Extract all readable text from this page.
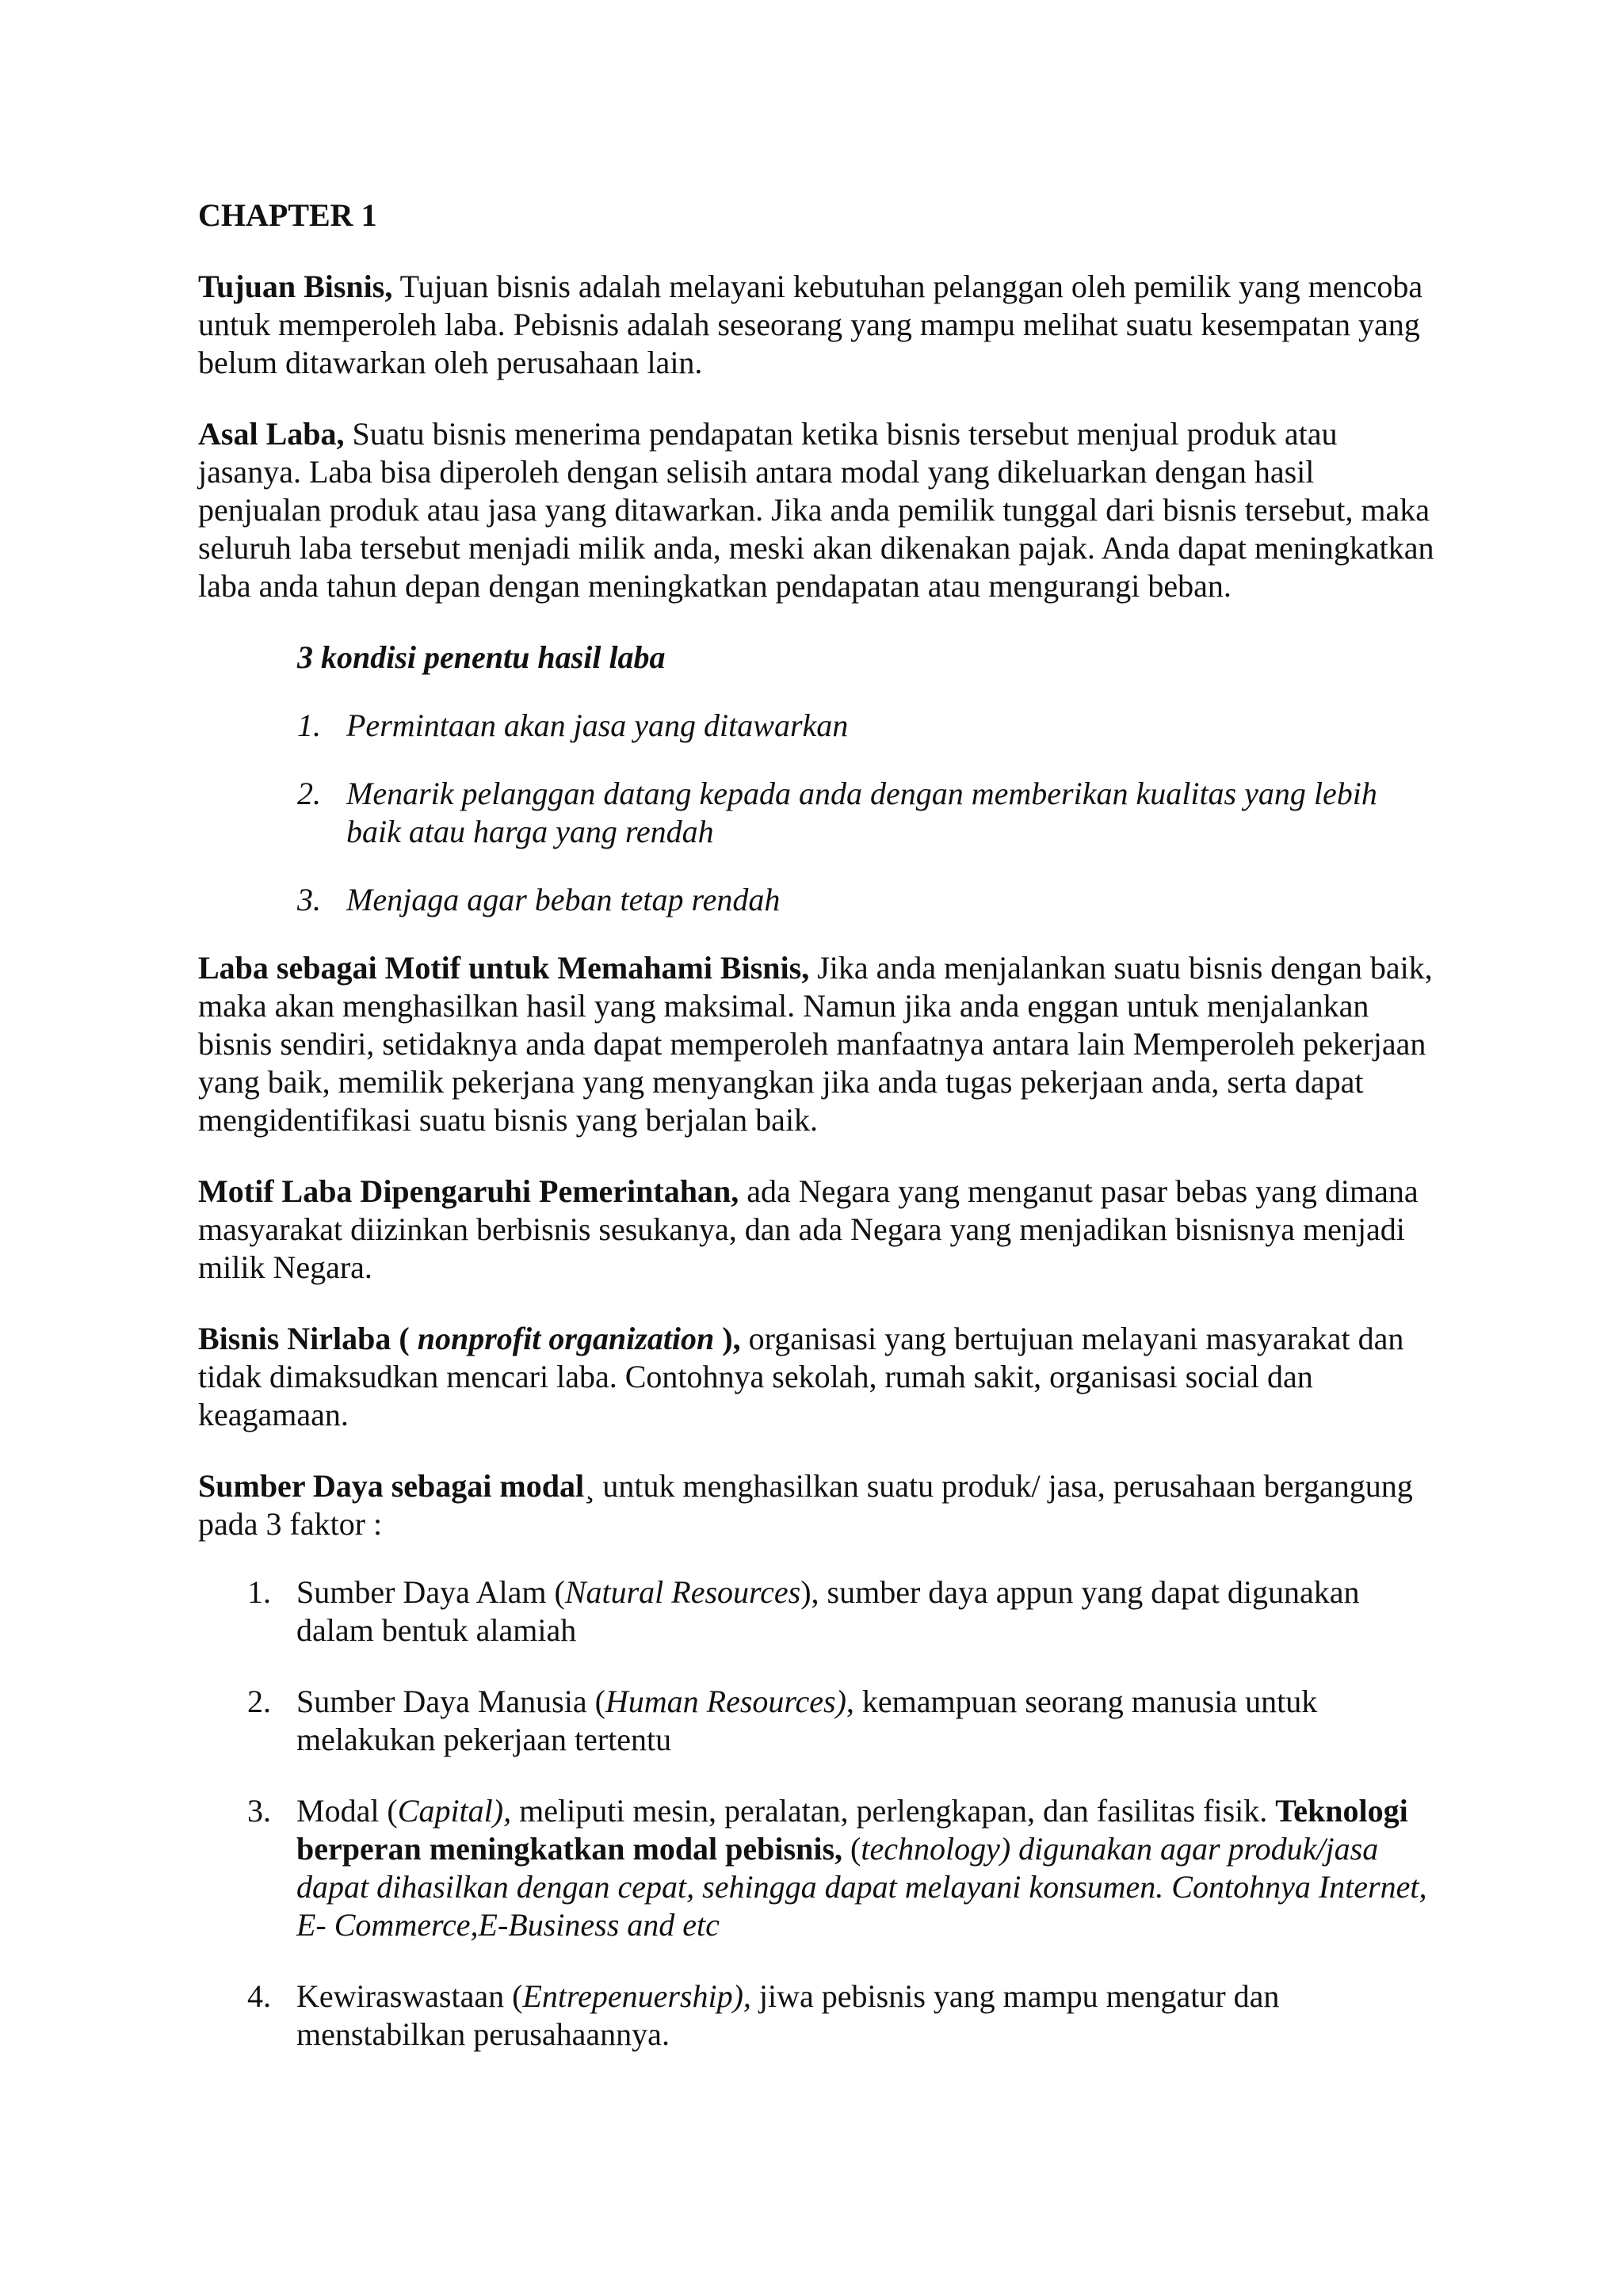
CHAPTER 1

Tujuan Bisnis, Tujuan bisnis adalah melayani kebutuhan pelanggan oleh pemilik yang mencoba untuk memperoleh laba. Pebisnis adalah seseorang yang mampu melihat suatu kesempatan yang belum ditawarkan oleh perusahaan lain.

Asal Laba, Suatu bisnis menerima pendapatan ketika bisnis tersebut menjual produk atau jasanya. Laba bisa diperoleh dengan selisih antara modal yang dikeluarkan dengan hasil penjualan produk atau jasa yang ditawarkan. Jika anda pemilik tunggal dari bisnis tersebut, maka seluruh laba tersebut menjadi milik anda, meski akan dikenakan pajak. Anda dapat meningkatkan laba anda tahun depan dengan meningkatkan pendapatan atau mengurangi beban.

3 kondisi penentu hasil laba
1. Permintaan akan jasa yang ditawarkan
2. Menarik pelanggan datang kepada anda dengan memberikan kualitas yang lebih baik atau harga yang rendah
3. Menjaga agar beban tetap rendah

Laba sebagai Motif untuk Memahami Bisnis, Jika anda menjalankan suatu bisnis dengan baik, maka akan menghasilkan hasil yang maksimal. Namun jika anda enggan untuk menjalankan bisnis sendiri, setidaknya anda dapat memperoleh manfaatnya antara lain Memperoleh pekerjaan yang baik, memilik pekerjana yang menyangkan jika anda tugas pekerjaan anda, serta dapat mengidentifikasi suatu bisnis yang berjalan baik.

Motif Laba Dipengaruhi Pemerintahan, ada Negara yang menganut pasar bebas yang dimana masyarakat diizinkan berbisnis sesukanya, dan ada Negara yang menjadikan bisnisnya menjadi milik Negara.

Bisnis Nirlaba ( nonprofit organization ), organisasi yang bertujuan melayani masyarakat dan tidak dimaksudkan mencari laba. Contohnya sekolah, rumah sakit, organisasi social dan keagamaan.

Sumber Daya sebagai modal¸ untuk menghasilkan suatu produk/ jasa, perusahaan bergangung pada 3 faktor :

1. Sumber Daya Alam (Natural Resources), sumber daya appun yang dapat digunakan dalam bentuk alamiah
2. Sumber Daya Manusia (Human Resources), kemampuan seorang manusia untuk melakukan pekerjaan tertentu
3. Modal (Capital), meliputi mesin, peralatan, perlengkapan, dan fasilitas fisik. Teknologi berperan meningkatkan modal pebisnis, (technology) digunakan agar produk/jasa dapat dihasilkan dengan cepat, sehingga dapat melayani konsumen. Contohnya Internet, E- Commerce,E-Business and etc
4. Kewiraswastaan (Entrepenuership), jiwa pebisnis yang mampu mengatur dan menstabilkan perusahaannya.
